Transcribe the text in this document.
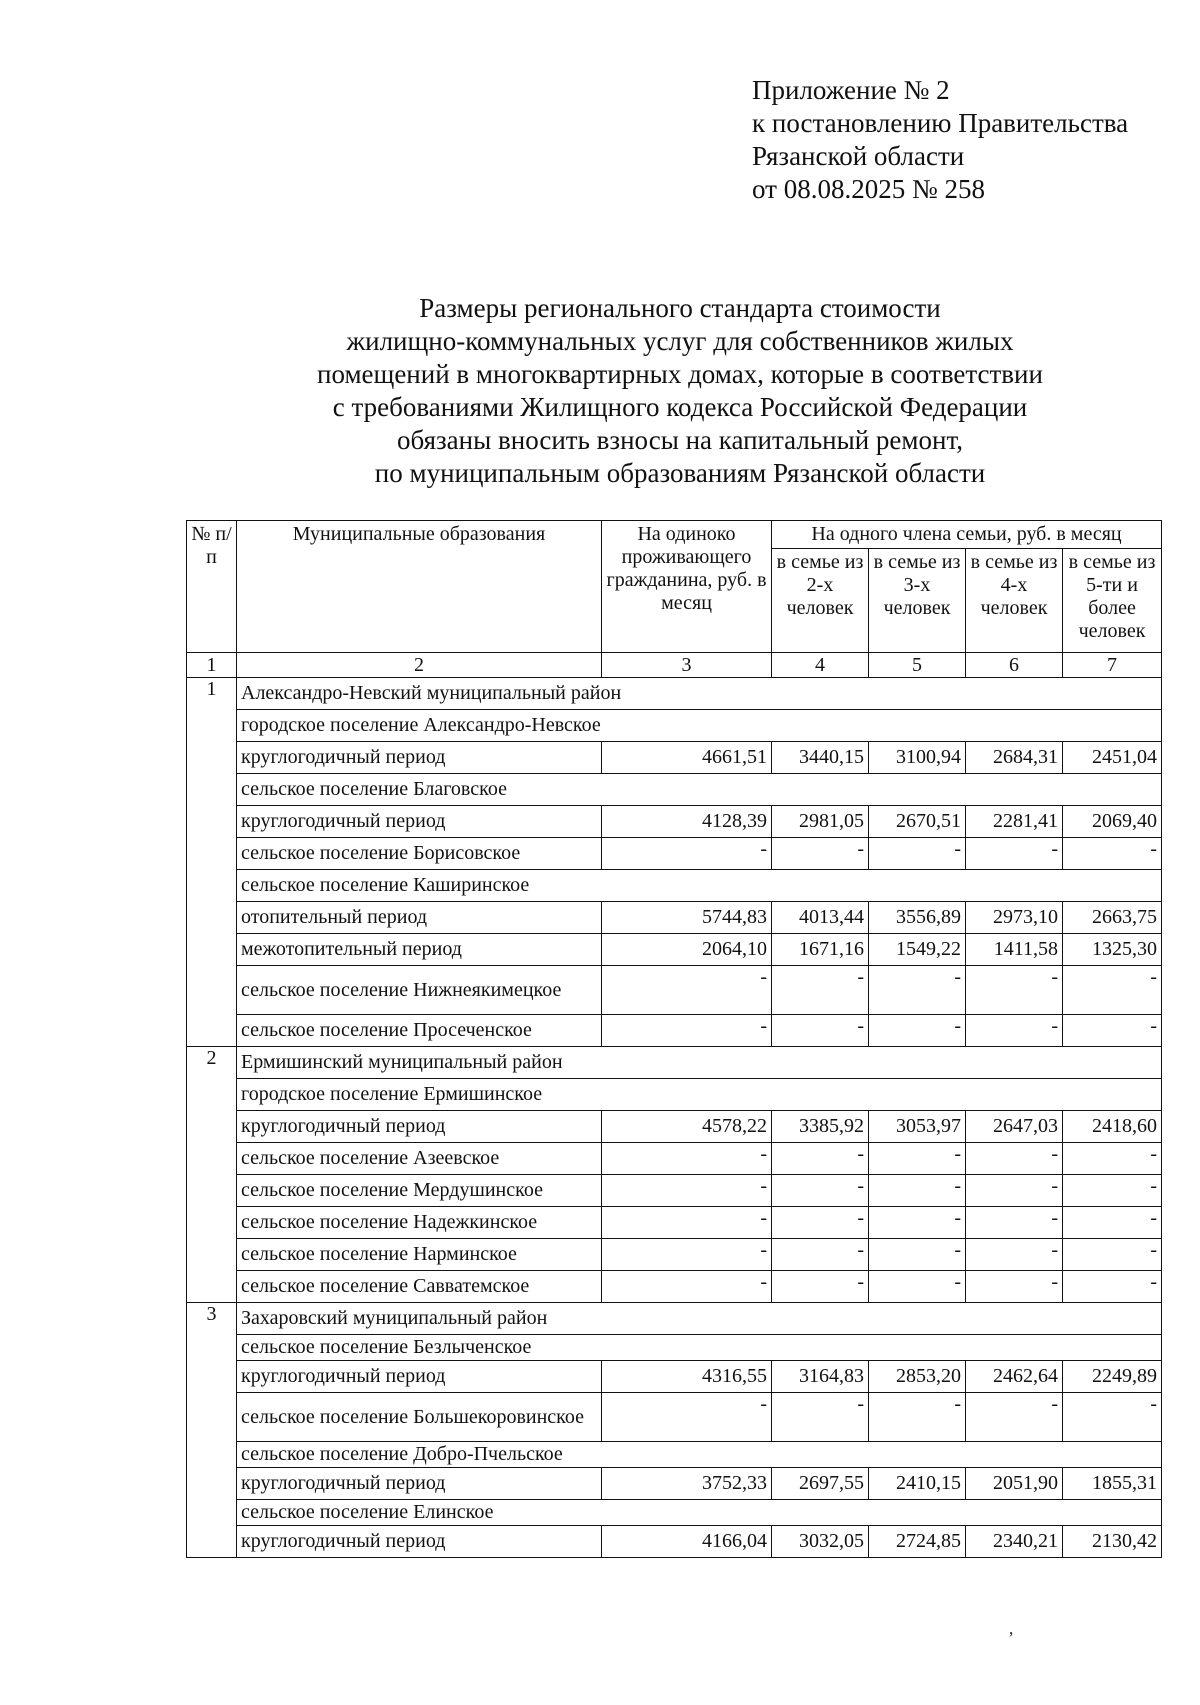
Приложение № 2
к постановлению Правительства
Рязанской области
от 08.08.2025 № 258
Размеры регионального стандарта стоимости
жилищно-коммунальных услуг для собственников жилых
помещений в многоквартирных домах, которые в соответствии
с требованиями Жилищного кодекса Российской Федерации
обязаны вносить взносы на капитальный ремонт,
по муниципальным образованиям Рязанской области
№ п/п	Муниципальные образования	На одиноко проживающего гражданина, руб. в месяц	На одного члена семьи, руб. в месяц			
			в семье из 2-х человек	в семье из 3-х человек	в семье из 4-х человек	в семье из 5-ти и более человек
1	2	3	4	5	6	7
1	Александро-Невский муниципальный район					
	городское поселение Александро-Невское					
	круглогодичный период	4661,51	3440,15	3100,94	2684,31	2451,04
	сельское поселение Благовское					
	круглогодичный период	4128,39	2981,05	2670,51	2281,41	2069,40
	сельское поселение Борисовское	-	-	-	-	-
	сельское поселение Каширинское					
	отопительный период	5744,83	4013,44	3556,89	2973,10	2663,75
	межотопительный период	2064,10	1671,16	1549,22	1411,58	1325,30
	сельское поселение Нижнеякимецкое	-	-	-	-	-
	сельское поселение Просеченское	-	-	-	-	-
2	Ермишинский муниципальный район					
	городское поселение Ермишинское					
	круглогодичный период	4578,22	3385,92	3053,97	2647,03	2418,60
	сельское поселение Азеевское	-	-	-	-	-
	сельское поселение Мердушинское	-	-	-	-	-
	сельское поселение Надежкинское	-	-	-	-	-
	сельское поселение Нарминское	-	-	-	-	-
	сельское поселение Савватемское	-	-	-	-	-
3	Захаровский муниципальный район					
	сельское поселение Безлыченское					
	круглогодичный период	4316,55	3164,83	2853,20	2462,64	2249,89
	сельское поселение Большекоровинское	-	-	-	-	-
	сельское поселение Добро-Пчельское					
	круглогодичный период	3752,33	2697,55	2410,15	2051,90	1855,31
	сельское поселение Елинское					
	круглогодичный период	4166,04	3032,05	2724,85	2340,21	2130,42
ʼ
